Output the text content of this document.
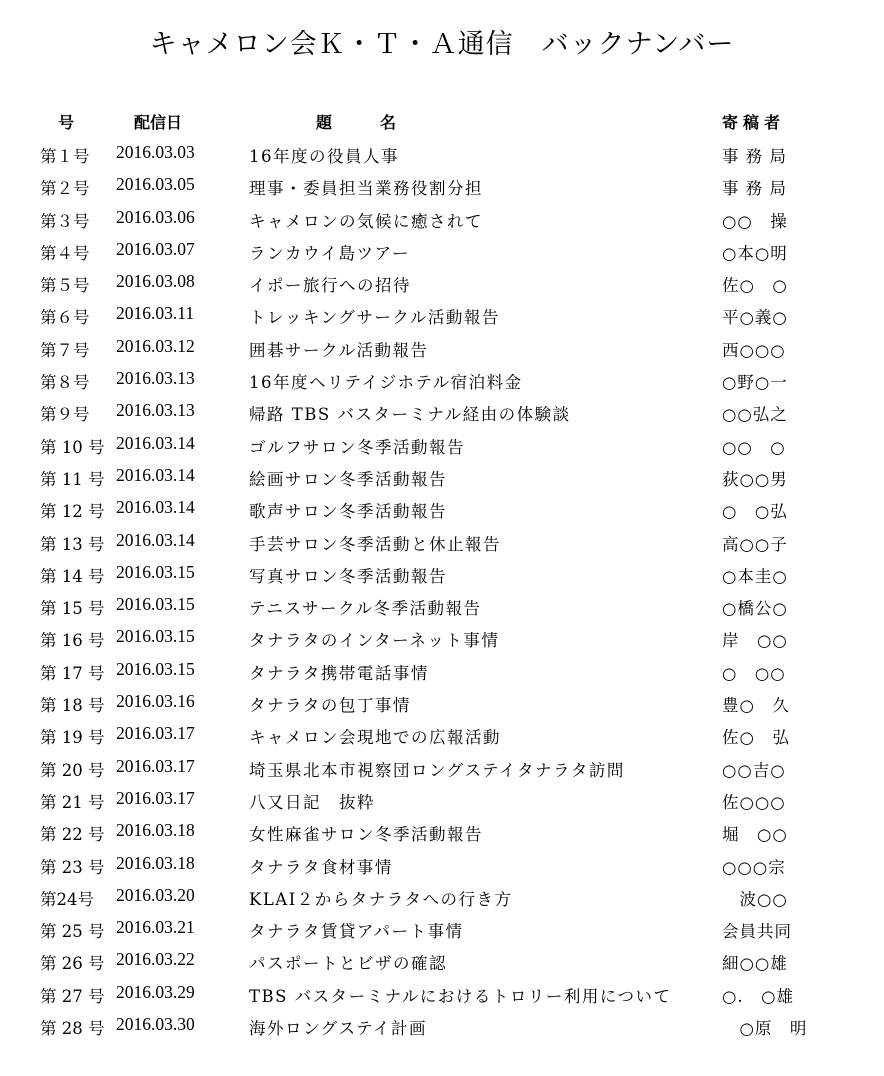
キャメロン会Ｋ・Ｔ・Ａ通信　バックナンバー
号	配信日	題名	寄稿者
第１号 2016.03.03	16年度の役員人事	事 務 局
第２号 2016.03.05	理事・委員担当業務役割分担	事 務 局
第３号 2016.03.06	キャメロンの気候に癒されて	○○　操
第４号 2016.03.07	ランカウイ島ツアー	○本○明
第５号 2016.03.08	イポー旅行への招待	佐○　○
第６号 2016.03.11	トレッキングサークル活動報告	平○義○
第７号 2016.03.12	囲碁サークル活動報告	西○○○
第８号 2016.03.13	16年度ヘリテイジホテル宿泊料金	○野○一
第９号 2016.03.13	帰路 TBS バスターミナル経由の体験談	○○弘之
第 10 号 2016.03.14	ゴルフサロン冬季活動報告	○○　○
第 11 号 2016.03.14	絵画サロン冬季活動報告	荻○○男
第 12 号 2016.03.14	歌声サロン冬季活動報告	○　○弘
第 13 号 2016.03.14	手芸サロン冬季活動と休止報告	高○○子
第 14 号 2016.03.15	写真サロン冬季活動報告	○本圭○
第 15 号 2016.03.15	テニスサークル冬季活動報告	○橋公○
第 16 号 2016.03.15	タナラタのインターネット事情	岸　○○
第 17 号 2016.03.15	タナラタ携帯電話事情	○　○○
第 18 号 2016.03.16	タナラタの包丁事情	豊○　久
第 19 号 2016.03.17	キャメロン会現地での広報活動	佐○　弘
第 20 号 2016.03.17	埼玉県北本市視察団ロングステイタナラタ訪問	○○吉○
第 21 号 2016.03.17	八又日記　抜粋	佐○○○
第 22 号 2016.03.18	女性麻雀サロン冬季活動報告	堀　○○
第 23 号 2016.03.18	タナラタ食材事情	○○○宗
第24号 2016.03.20	KLAI２からタナラタへの行き方	　波○○
第 25 号 2016.03.21	タナラタ賃貸アパート事情	会員共同
第 26 号 2016.03.22	パスポートとビザの確認	細○○雄
第 27 号 2016.03.29	TBS バスターミナルにおけるトロリー利用について	○.　○雄
第 28 号 2016.03.30	海外ロングステイ計画	　○原　明
